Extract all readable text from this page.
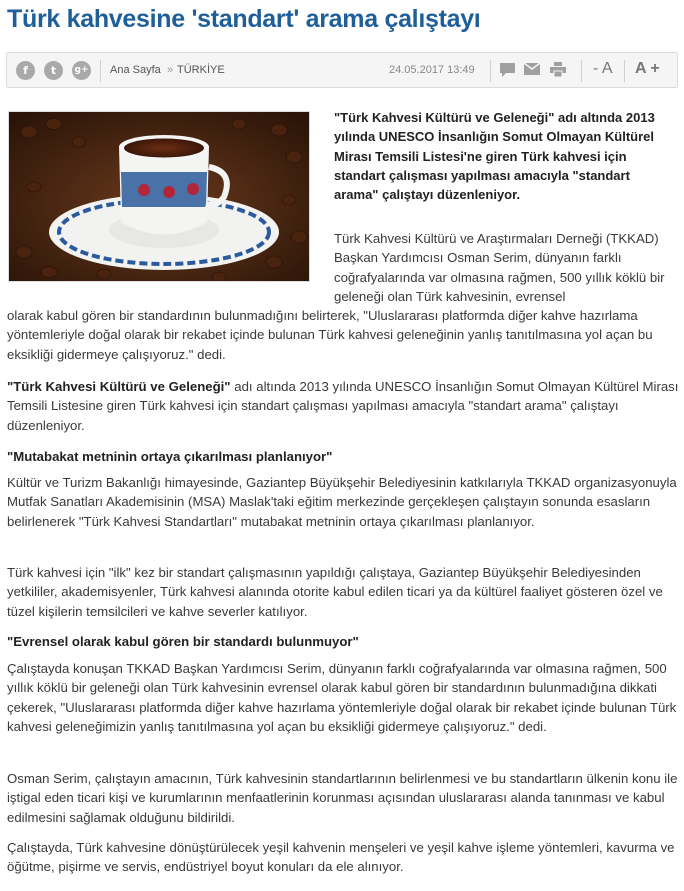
Türk kahvesine 'standart' arama çalıştayı
f	t	g+ Ana Sayfa » TÜRKİYE	24.05.2017 13:49	- A A +
"Türk Kahvesi Kültürü ve Geleneği" adı altında 2013 yılında UNESCO İnsanlığın Somut Olmayan Kültürel Mirası Temsili Listesi'ne giren Türk kahvesi için standart çalışması yapılması amacıyla "standart arama" çalıştayı düzenleniyor.
Türk Kahvesi Kültürü ve Araştırmaları Derneği (TKKAD) Başkan Yardımcısı Osman Serim, dünyanın farklı coğrafyalarında var olmasına rağmen, 500 yıllık köklü bir geleneği olan Türk kahvesinin, evrensel
olarak kabul gören bir standardının bulunmadığını belirterek, "Uluslararası platformda diğer kahve hazırlama yöntemleriyle doğal olarak bir rekabet içinde bulunan Türk kahvesi geleneğinin yanlış tanıtılmasına yol açan bu eksikliği gidermeye çalışıyoruz." dedi.
"Türk Kahvesi Kültürü ve Geleneği" adı altında 2013 yılında UNESCO İnsanlığın Somut Olmayan Kültürel Mirası Temsili Listesine giren Türk kahvesi için standart çalışması yapılması amacıyla "standart arama" çalıştayı düzenleniyor.
"Mutabakat metninin ortaya çıkarılması planlanıyor"
Kültür ve Turizm Bakanlığı himayesinde, Gaziantep Büyükşehir Belediyesinin katkılarıyla TKKAD organizasyonuyla Mutfak Sanatları Akademisinin (MSA) Maslak'taki eğitim merkezinde gerçekleşen çalıştayın sonunda esasların belirlenerek "Türk Kahvesi Standartları" mutabakat metninin ortaya çıkarılması planlanıyor.
Türk kahvesi için "ilk" kez bir standart çalışmasının yapıldığı çalıştaya, Gaziantep Büyükşehir Belediyesinden yetkililer, akademisyenler, Türk kahvesi alanında otorite kabul edilen ticari ya da kültürel faaliyet gösteren özel ve tüzel kişilerin temsilcileri ve kahve severler katılıyor.
"Evrensel olarak kabul gören bir standardı bulunmuyor"
Çalıştayda konuşan TKKAD Başkan Yardımcısı Serim, dünyanın farklı coğrafyalarında var olmasına rağmen, 500 yıllık köklü bir geleneği olan Türk kahvesinin evrensel olarak kabul gören bir standardının bulunmadığına dikkati çekerek, "Uluslararası platformda diğer kahve hazırlama yöntemleriyle doğal olarak bir rekabet içinde bulunan Türk kahvesi geleneğimizin yanlış tanıtılmasına yol açan bu eksikliği gidermeye çalışıyoruz." dedi.
Osman Serim, çalıştayın amacının, Türk kahvesinin standartlarının belirlenmesi ve bu standartların ülkenin konu ile iştigal eden ticari kişi ve kurumlarının menfaatlerinin korunması açısından uluslararası alanda tanınması ve kabul edilmesini sağlamak olduğunu bildirildi.
Çalıştayda, Türk kahvesine dönüştürülecek yeşil kahvenin menşeleri ve yeşil kahve işleme yöntemleri, kavurma ve öğütme, pişirme ve servis, endüstriyel boyut konuları da ele alınıyor.
